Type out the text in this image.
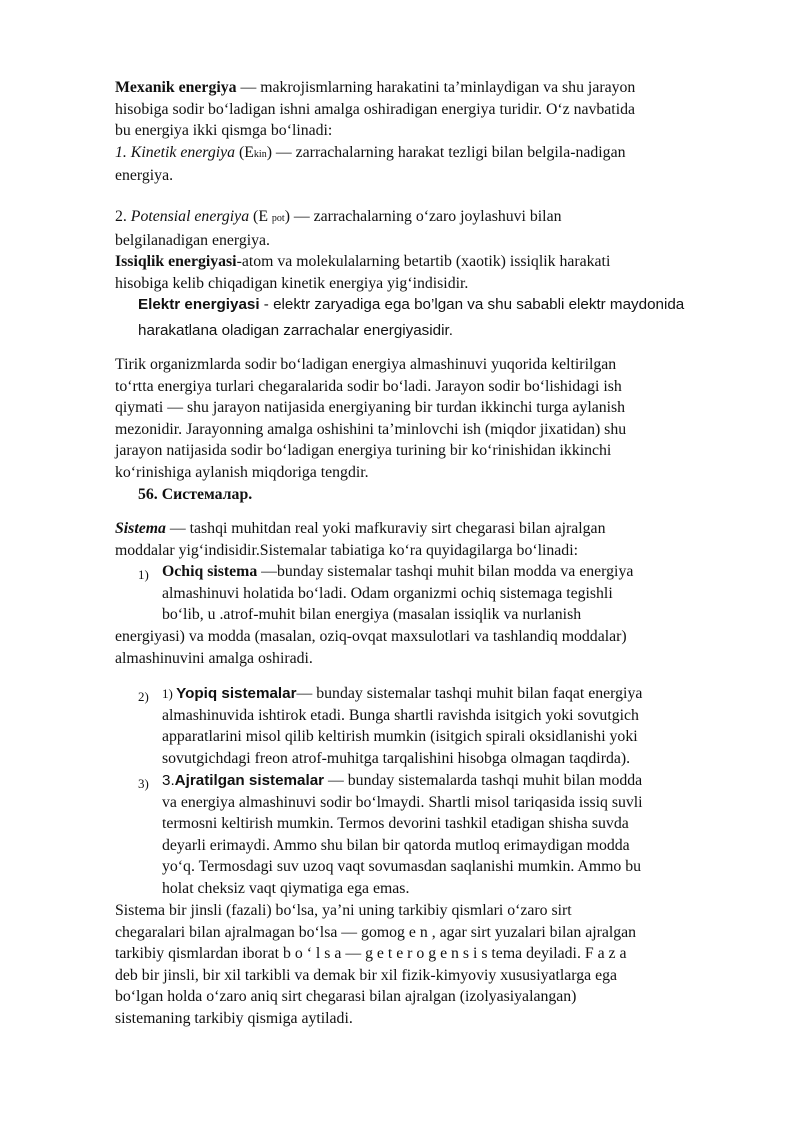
Mexanik energiya — makrojismlarning harakatini ta’minlaydigan va shu jarayon
hisobiga sodir bo‘ladigan ishni amalga oshiradigan energiya turidir. O‘z navbatida
bu energiya ikki qismga bo‘linadi:
1. Kinetik energiya (Ekin) — zarrachalarning harakat tezligi bilan belgila-nadigan
energiya.
2. Potensial energiya (E pot) — zarrachalarning o‘zaro joylashuvi bilan
belgilanadigan energiya.
Issiqlik energiyasi-atom va molekulalarning betartib (xaotik) issiqlik harakati
hisobiga kelib chiqadigan kinetik energiya yig‘indisidir.
Elektr energiyasi - elektr zaryadiga ega bo’lgan va shu sababli elektr maydonida
harakatlana oladigan zarrachalar energiyasidir.
Tirik organizmlarda sodir bo‘ladigan energiya almashinuvi yuqorida keltirilgan
to‘rtta energiya turlari chegaralarida sodir bo‘ladi. Jarayon sodir bo‘lishidagi ish
qiymati — shu jarayon natijasida energiyaning bir turdan ikkinchi turga aylanish
mezonidir. Jarayonning amalga oshishini ta’minlovchi ish (miqdor jixatidan) shu
jarayon natijasida sodir bo‘ladigan energiya turining bir ko‘rinishidan ikkinchi
ko‘rinishiga aylanish miqdoriga tengdir.
56. Системалар.
Sistema — tashqi muhitdan real yoki mafkuraviy sirt chegarasi bilan ajralgan
moddalar yig‘indisidir.Sistemalar tabiatiga ko‘ra quyidagilarga bo‘linadi:
1) Ochiq sistema —bunday sistemalar tashqi muhit bilan modda va energiya
almashinuvi holatida bo‘ladi. Odam organizmi ochiq sistemaga tegishli
bo‘lib, u .atrof-muhit bilan energiya (masalan issiqlik va nurlanish
energiyasi) va modda (masalan, oziq-ovqat maxsulotlari va tashlandiq moddalar)
almashinuvini amalga oshiradi.
2) 1) Yopiq sistemalar— bunday sistemalar tashqi muhit bilan faqat energiya
almashinuvida ishtirok etadi. Bunga shartli ravishda isitgich yoki sovutgich
apparatlarini misol qilib keltirish mumkin (isitgich spirali oksidlanishi yoki
sovutgichdagi freon atrof-muhitga tarqalishini hisobga olmagan taqdirda).
3) 3.Ajratilgan sistemalar — bunday sistemalarda tashqi muhit bilan modda
va energiya almashinuvi sodir bo‘lmaydi. Shartli misol tariqasida issiq suvli
termosni keltirish mumkin. Termos devorini tashkil etadigan shisha suvda
deyarli erimaydi. Ammo shu bilan bir qatorda mutloq erimaydigan modda
yo‘q. Termosdagi suv uzoq vaqt sovumasdan saqlanishi mumkin. Ammo bu
holat cheksiz vaqt qiymatiga ega emas.
Sistema bir jinsli (fazali) bo‘lsa, ya’ni uning tarkibiy qismlari o‘zaro sirt
chegaralari bilan ajralmagan bo‘lsa — gomog e n , agar sirt yuzalari bilan ajralgan
tarkibiy qismlardan iborat b o ‘ l s a — g e t e r o g e n s i s tema deyiladi. F a z a
deb bir jinsli, bir xil tarkibli va demak bir xil fizik-kimyoviy xususiyatlarga ega
bo‘lgan holda o‘zaro aniq sirt chegarasi bilan ajralgan (izolyasiyalangan)
sistemaning tarkibiy qismiga aytiladi.
